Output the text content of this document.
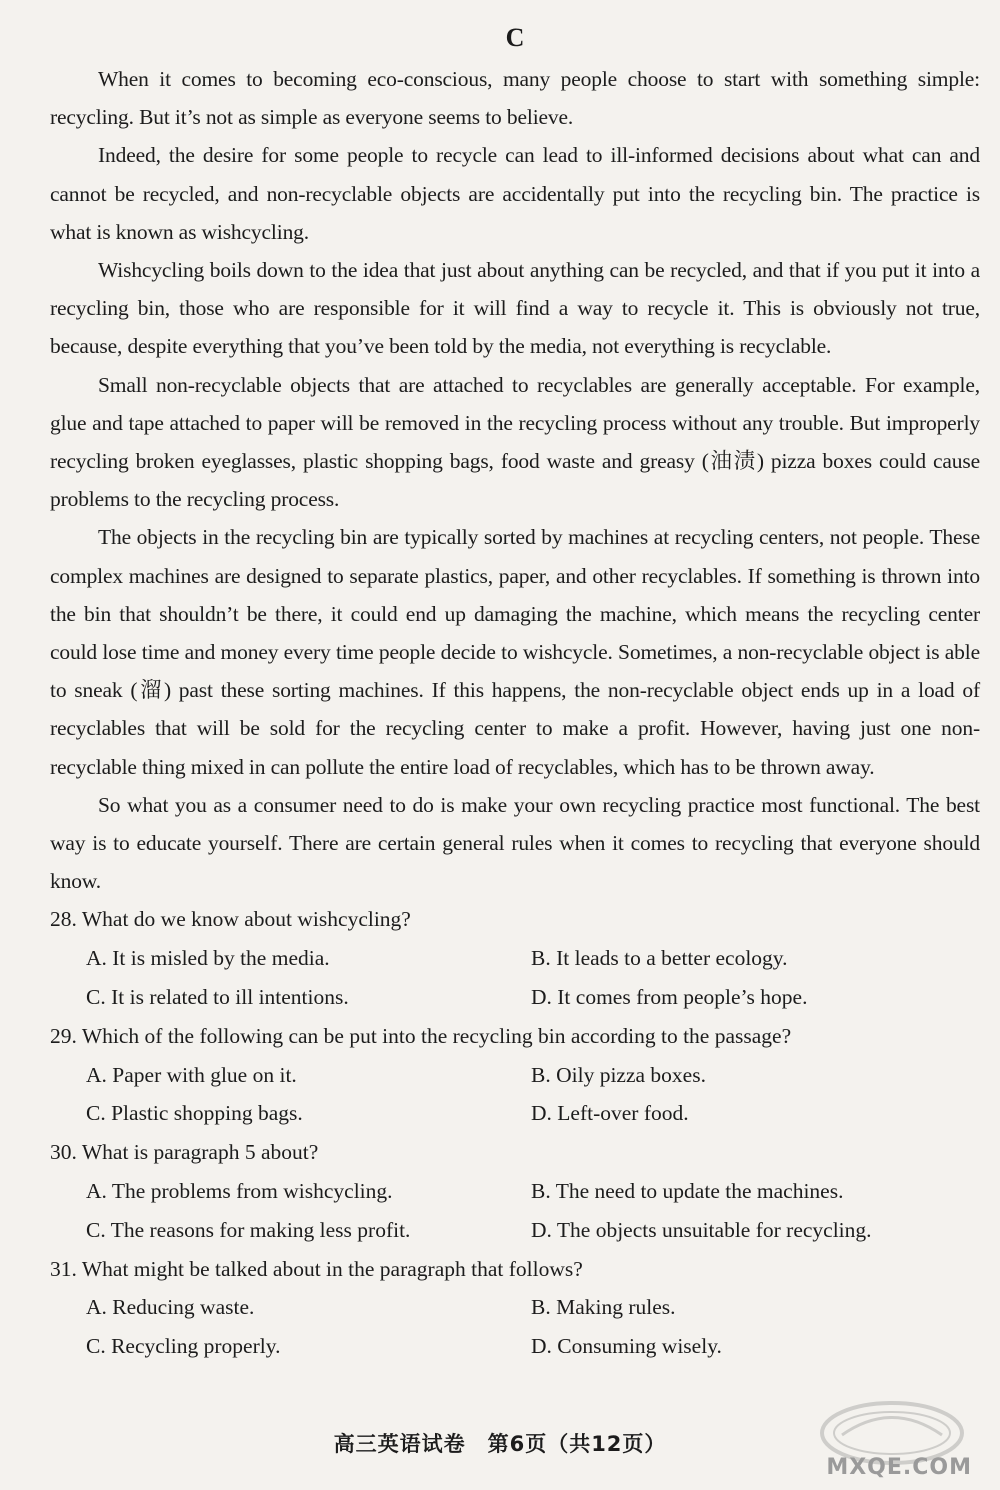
C

When it comes to becoming eco-conscious, many people choose to start with something simple: recycling. But it’s not as simple as everyone seems to believe.

Indeed, the desire for some people to recycle can lead to ill-informed decisions about what can and cannot be recycled, and non-recyclable objects are accidentally put into the recycling bin. The practice is what is known as wishcycling.

Wishcycling boils down to the idea that just about anything can be recycled, and that if you put it into a recycling bin, those who are responsible for it will find a way to recycle it. This is obviously not true, because, despite everything that you’ve been told by the media, not everything is recyclable.

Small non-recyclable objects that are attached to recyclables are generally acceptable. For example, glue and tape attached to paper will be removed in the recycling process without any trouble. But improperly recycling broken eyeglasses, plastic shopping bags, food waste and greasy (油渍) pizza boxes could cause problems to the recycling process.

The objects in the recycling bin are typically sorted by machines at recycling centers, not people. These complex machines are designed to separate plastics, paper, and other recyclables. If something is thrown into the bin that shouldn’t be there, it could end up damaging the machine, which means the recycling center could lose time and money every time people decide to wishcycle. Sometimes, a non-recyclable object is able to sneak (溜) past these sorting machines. If this happens, the non-recyclable object ends up in a load of recyclables that will be sold for the recycling center to make a profit. However, having just one non-recyclable thing mixed in can pollute the entire load of recyclables, which has to be thrown away.

So what you as a consumer need to do is make your own recycling practice most functional. The best way is to educate yourself. There are certain general rules when it comes to recycling that everyone should know.

28. What do we know about wishcycling?

A. It is misled by the media.	B. It leads to a better ecology.
C. It is related to ill intentions.	D. It comes from people’s hope.

29. Which of the following can be put into the recycling bin according to the passage?

A. Paper with glue on it.	B. Oily pizza boxes.
C. Plastic shopping bags.	D. Left-over food.

30. What is paragraph 5 about?

A. The problems from wishcycling.	B. The need to update the machines.
C. The reasons for making less profit.	D. The objects unsuitable for recycling.

31. What might be talked about in the paragraph that follows?

A. Reducing waste.	B. Making rules.
C. Recycling properly.	D. Consuming wisely.
高三英语试卷　第6页（共12页）
MXQE.COM
